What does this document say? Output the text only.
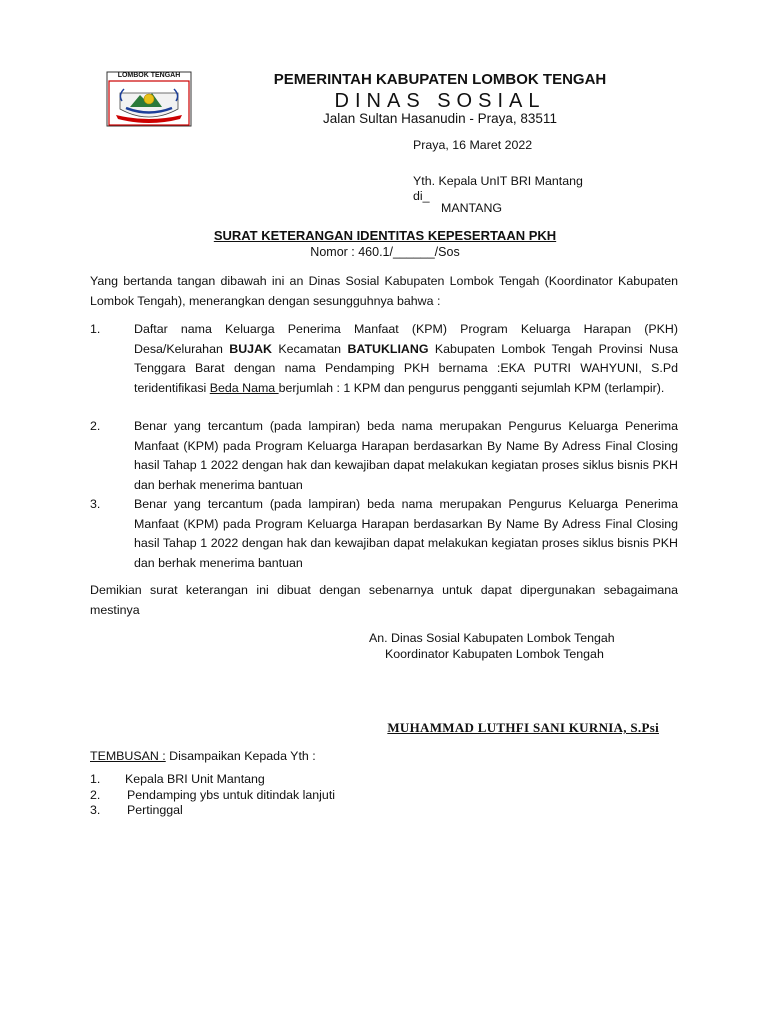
LOMBOK TENGAH	PEMERINTAH KABUPATEN LOMBOK TENGAH
DINAS SOSIAL
Jalan Sultan Hasanudin - Praya, 83511
Praya, 16 Maret 2022
Yth. Kepala UnIT BRI Mantang
di_
MANTANG
SURAT KETERANGAN IDENTITAS KEPESERTAAN PKH
Nomor : 460.1/______/Sos
Yang bertanda tangan dibawah ini an Dinas Sosial Kabupaten Lombok Tengah (Koordinator Kabupaten Lombok Tengah), menerangkan dengan sesungguhnya bahwa :
1.	Daftar nama Keluarga Penerima Manfaat (KPM) Program Keluarga Harapan (PKH) Desa/Kelurahan BUJAK Kecamatan BATUKLIANG Kabupaten Lombok Tengah Provinsi Nusa Tenggara Barat dengan nama Pendamping PKH bernama :EKA PUTRI WAHYUNI, S.Pd teridentifikasi Beda Nama berjumlah : 1 KPM dan pengurus pengganti sejumlah KPM (terlampir).
2.	Benar yang tercantum (pada lampiran) beda nama merupakan Pengurus Keluarga Penerima Manfaat (KPM) pada Program Keluarga Harapan berdasarkan By Name By Adress Final Closing hasil Tahap 1 2022 dengan hak dan kewajiban dapat melakukan kegiatan proses siklus bisnis PKH dan berhak menerima bantuan
3.	Benar yang tercantum (pada lampiran) beda nama merupakan Pengurus Keluarga Penerima Manfaat (KPM) pada Program Keluarga Harapan berdasarkan By Name By Adress Final Closing hasil Tahap 1 2022 dengan hak dan kewajiban dapat melakukan kegiatan proses siklus bisnis PKH dan berhak menerima bantuan
Demikian surat keterangan ini dibuat dengan sebenarnya untuk dapat dipergunakan sebagaimana mestinya
An. Dinas Sosial Kabupaten Lombok Tengah
Koordinator Kabupaten Lombok Tengah
MUHAMMAD LUTHFI SANI KURNIA, S.Psi
TEMBUSAN : Disampaikan Kepada Yth :
1. Kepala BRI Unit Mantang
2. Pendamping ybs untuk ditindak lanjuti
3. Pertinggal
